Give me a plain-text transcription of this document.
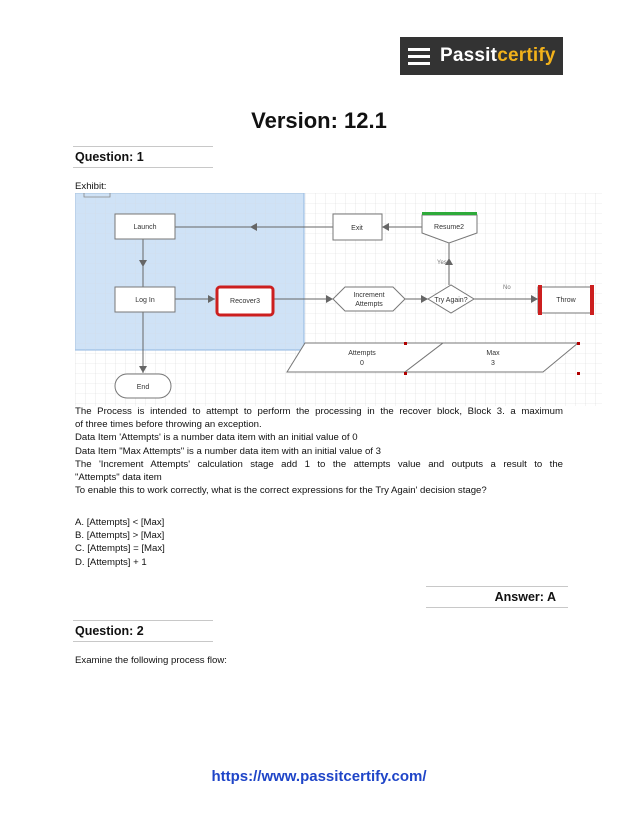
Passitcertify
Version: 12.1
Question: 1
Exhibit:
Launch
Log In	Recover3
Increment
Attempts
Try Again?
Yes
No
Exit	Resume2
Throw
Attempts
0
Max
3
End
The Process is intended to attempt to perform the processing in the recover block, Block 3. a maximum
of three times before throwing an exception.
Data Item 'Attempts' is a number data item with an initial value of 0
Data Item "Max Attempts" is a number data item with an initial value of 3
The 'Increment Attempts' calculation stage add 1 to the attempts value and outputs a result to the
"Attempts" data item
To enable this to work correctly, what is the correct expressions for the Try Again' decision stage?
A. [Attempts] < [Max]
B. [Attempts] > [Max]
C. [Attempts] = [Max]
D. [Attempts] + 1
Answer: A
Question: 2
Examine the following process flow:
https://www.passitcertify.com/
